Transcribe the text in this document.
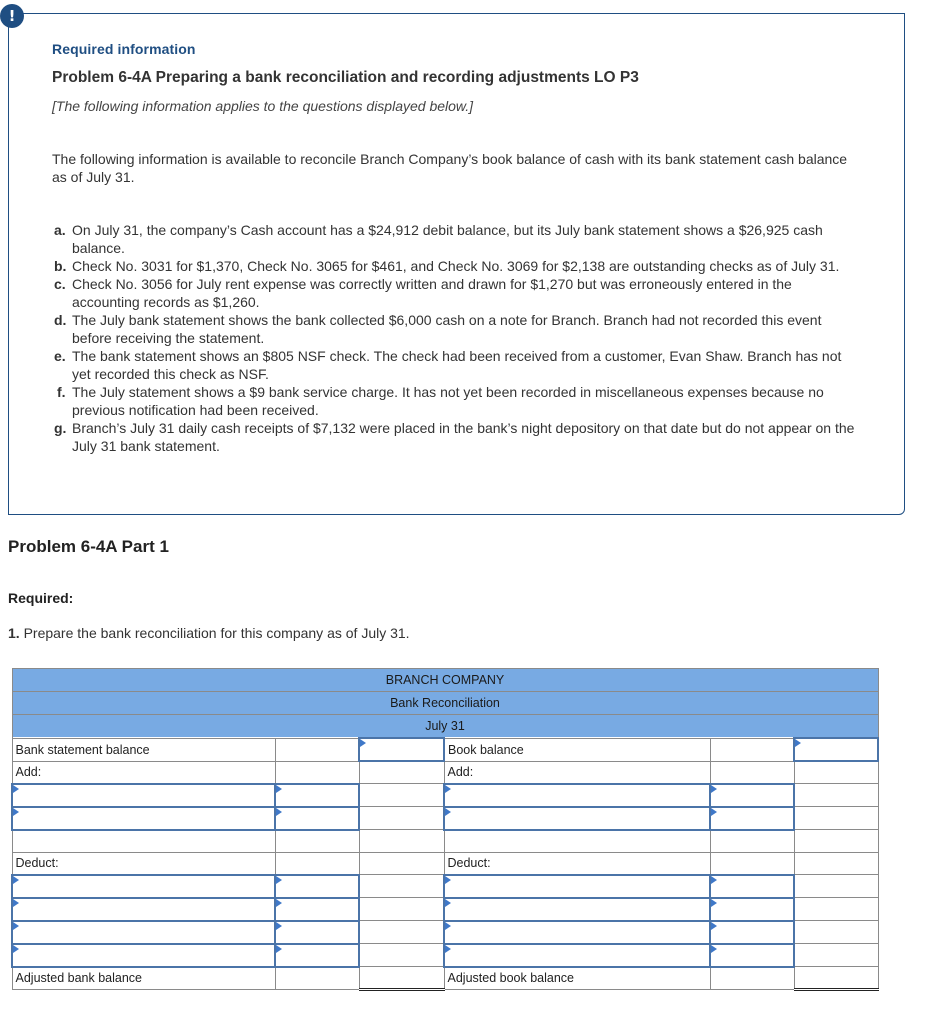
!
Required information
Problem 6-4A Preparing a bank reconciliation and recording adjustments LO P3
[The following information applies to the questions displayed below.]
The following information is available to reconcile Branch Company’s book balance of cash with its bank statement cash balance as of July 31.
a. On July 31, the company’s Cash account has a $24,912 debit balance, but its July bank statement shows a $26,925 cash balance.
b. Check No. 3031 for $1,370, Check No. 3065 for $461, and Check No. 3069 for $2,138 are outstanding checks as of July 31.
c. Check No. 3056 for July rent expense was correctly written and drawn for $1,270 but was erroneously entered in the accounting records as $1,260.
d. The July bank statement shows the bank collected $6,000 cash on a note for Branch. Branch had not recorded this event before receiving the statement.
e. The bank statement shows an $805 NSF check. The check had been received from a customer, Evan Shaw. Branch has not yet recorded this check as NSF.
f. The July statement shows a $9 bank service charge. It has not yet been recorded in miscellaneous expenses because no previous notification had been received.
g. Branch’s July 31 daily cash receipts of $7,132 were placed in the bank’s night depository on that date but do not appear on the July 31 bank statement.
Problem 6-4A Part 1
Required:
1. Prepare the bank reconciliation for this company as of July 31.
BRANCH COMPANY					
Bank Reconciliation					
July 31					
Bank statement balance			Book balance		
Add:			Add:		

Deduct:			Deduct:		

Adjusted bank balance			Adjusted book balance		
